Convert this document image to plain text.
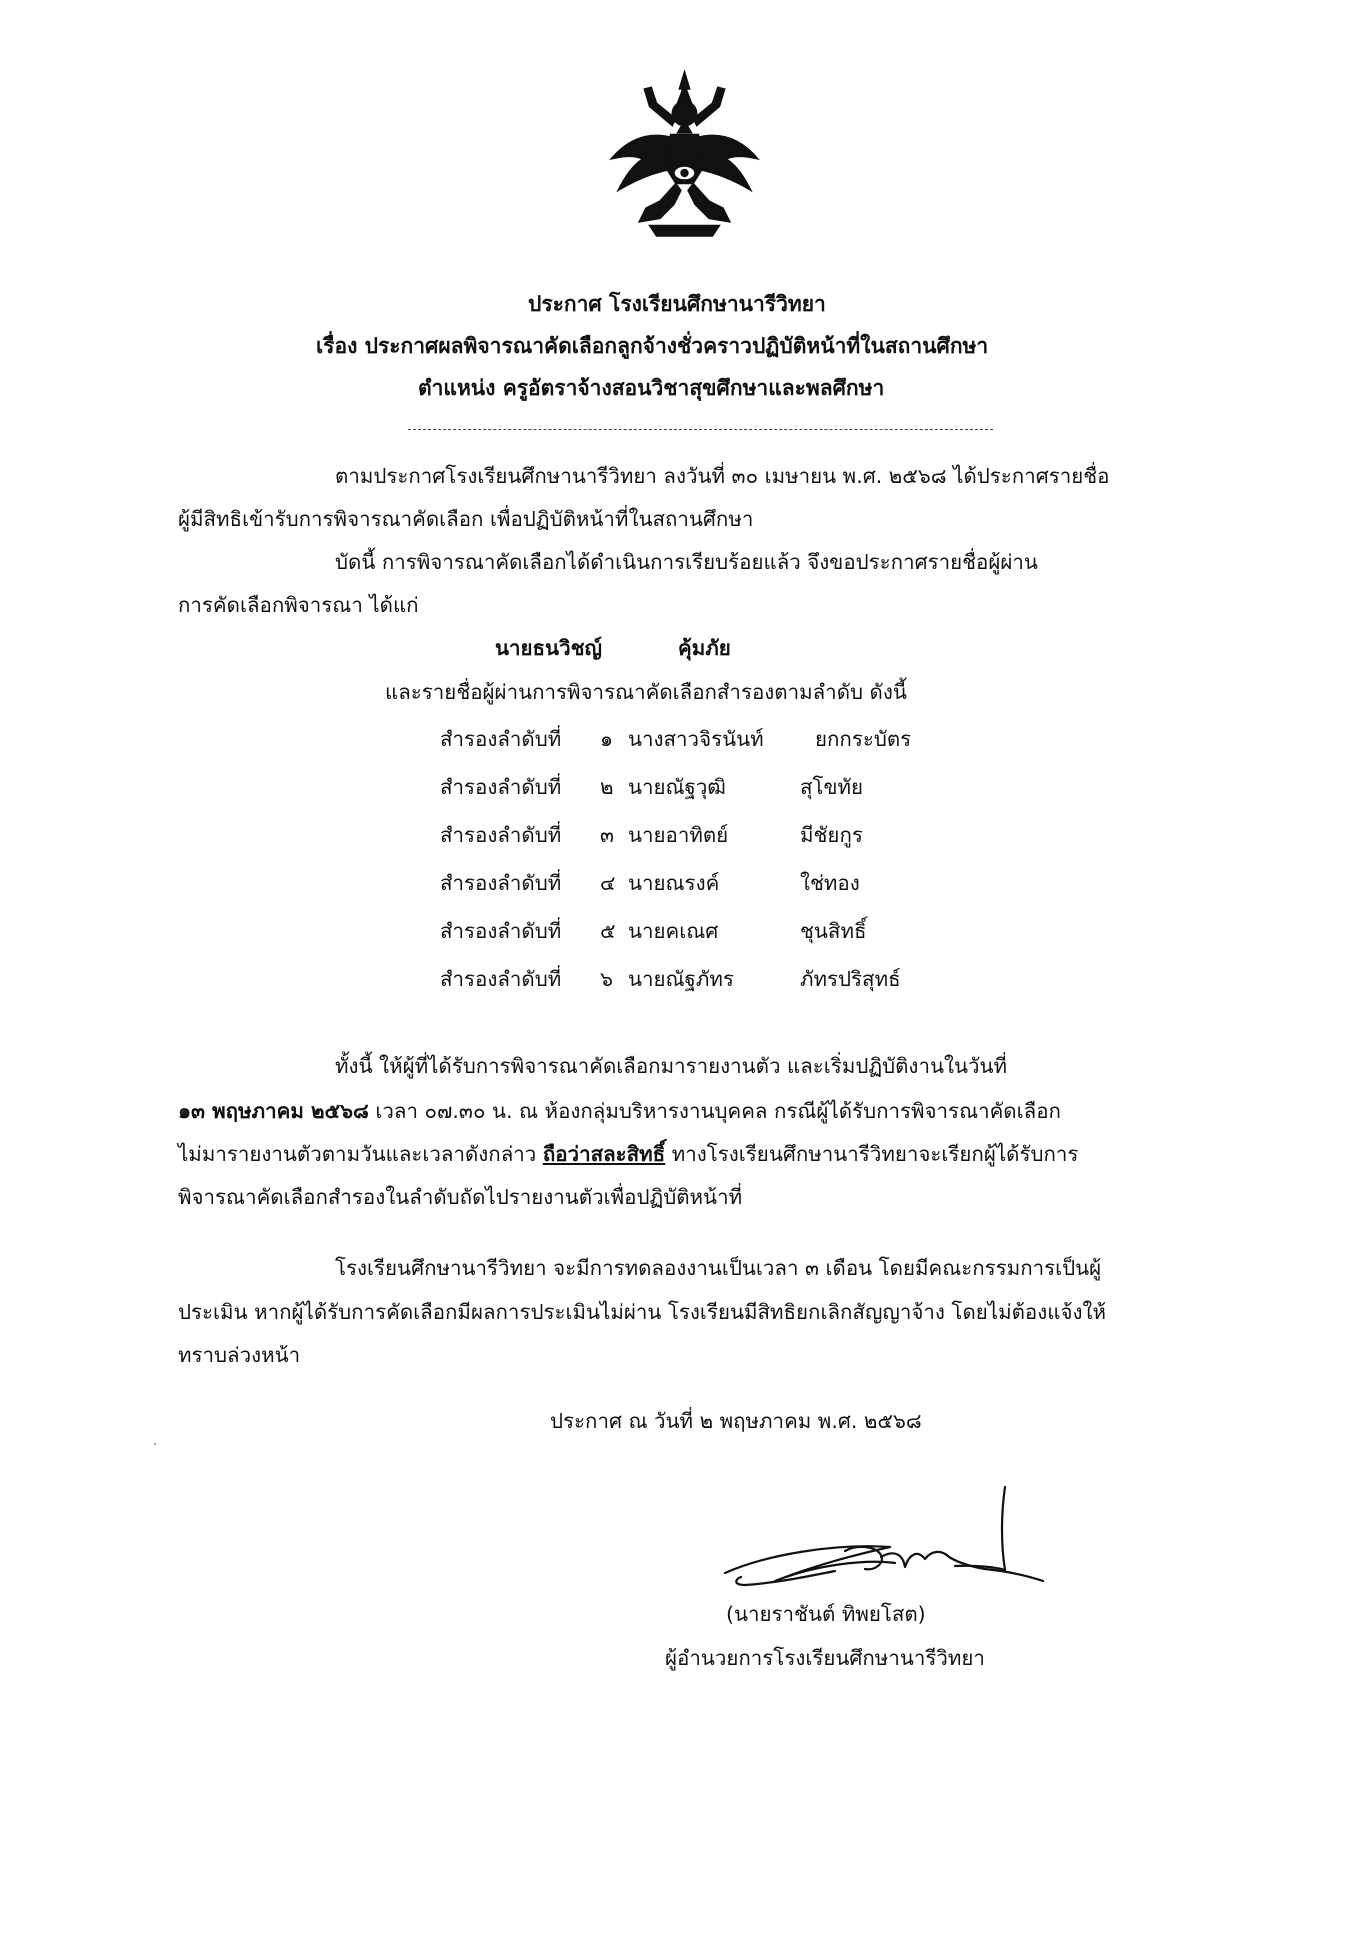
ประกาศ โรงเรียนศึกษานารีวิทยา
เรื่อง ประกาศผลพิจารณาคัดเลือกลูกจ้างชั่วคราวปฏิบัติหน้าที่ในสถานศึกษา
ตำแหน่ง ครูอัตราจ้างสอนวิชาสุขศึกษาและพลศึกษา
ตามประกาศโรงเรียนศึกษานารีวิทยา ลงวันที่ ๓๐ เมษายน พ.ศ. ๒๕๖๘ ได้ประกาศรายชื่อ
ผู้มีสิทธิเข้ารับการพิจารณาคัดเลือก เพื่อปฏิบัติหน้าที่ในสถานศึกษา
บัดนี้ การพิจารณาคัดเลือกได้ดำเนินการเรียบร้อยแล้ว จึงขอประกาศรายชื่อผู้ผ่าน
การคัดเลือกพิจารณา ได้แก่
นายธนวิชญ์	คุ้มภัย
และรายชื่อผู้ผ่านการพิจารณาคัดเลือกสำรองตามลำดับ ดังนี้
สำรองลำดับที่ ๑ นางสาวจิรนันท์	ยกกระบัตร
สำรองลำดับที่ ๒ นายณัฐวุฒิ	สุโขทัย
สำรองลำดับที่ ๓ นายอาทิตย์	มีชัยกูร
สำรองลำดับที่ ๔ นายณรงค์	ใช่ทอง
สำรองลำดับที่ ๕ นายคเณศ	ชุนสิทธิ์
สำรองลำดับที่ ๖ นายณัฐภัทร	ภัทรปริสุทธ์
ทั้งนี้ ให้ผู้ที่ได้รับการพิจารณาคัดเลือกมารายงานตัว และเริ่มปฏิบัติงานในวันที่
๑๓ พฤษภาคม ๒๕๖๘ เวลา ๐๗.๓๐ น. ณ ห้องกลุ่มบริหารงานบุคคล กรณีผู้ได้รับการพิจารณาคัดเลือก
ไม่มารายงานตัวตามวันและเวลาดังกล่าว ถือว่าสละสิทธิ์ ทางโรงเรียนศึกษานารีวิทยาจะเรียกผู้ได้รับการ
พิจารณาคัดเลือกสำรองในลำดับถัดไปรายงานตัวเพื่อปฏิบัติหน้าที่
โรงเรียนศึกษานารีวิทยา จะมีการทดลองงานเป็นเวลา ๓ เดือน โดยมีคณะกรรมการเป็นผู้
ประเมิน หากผู้ได้รับการคัดเลือกมีผลการประเมินไม่ผ่าน โรงเรียนมีสิทธิยกเลิกสัญญาจ้าง โดยไม่ต้องแจ้งให้
ทราบล่วงหน้า
ประกาศ ณ วันที่ ๒ พฤษภาคม พ.ศ. ๒๕๖๘
(นายราชันต์ ทิพยโสต)
ผู้อำนวยการโรงเรียนศึกษานารีวิทยา
